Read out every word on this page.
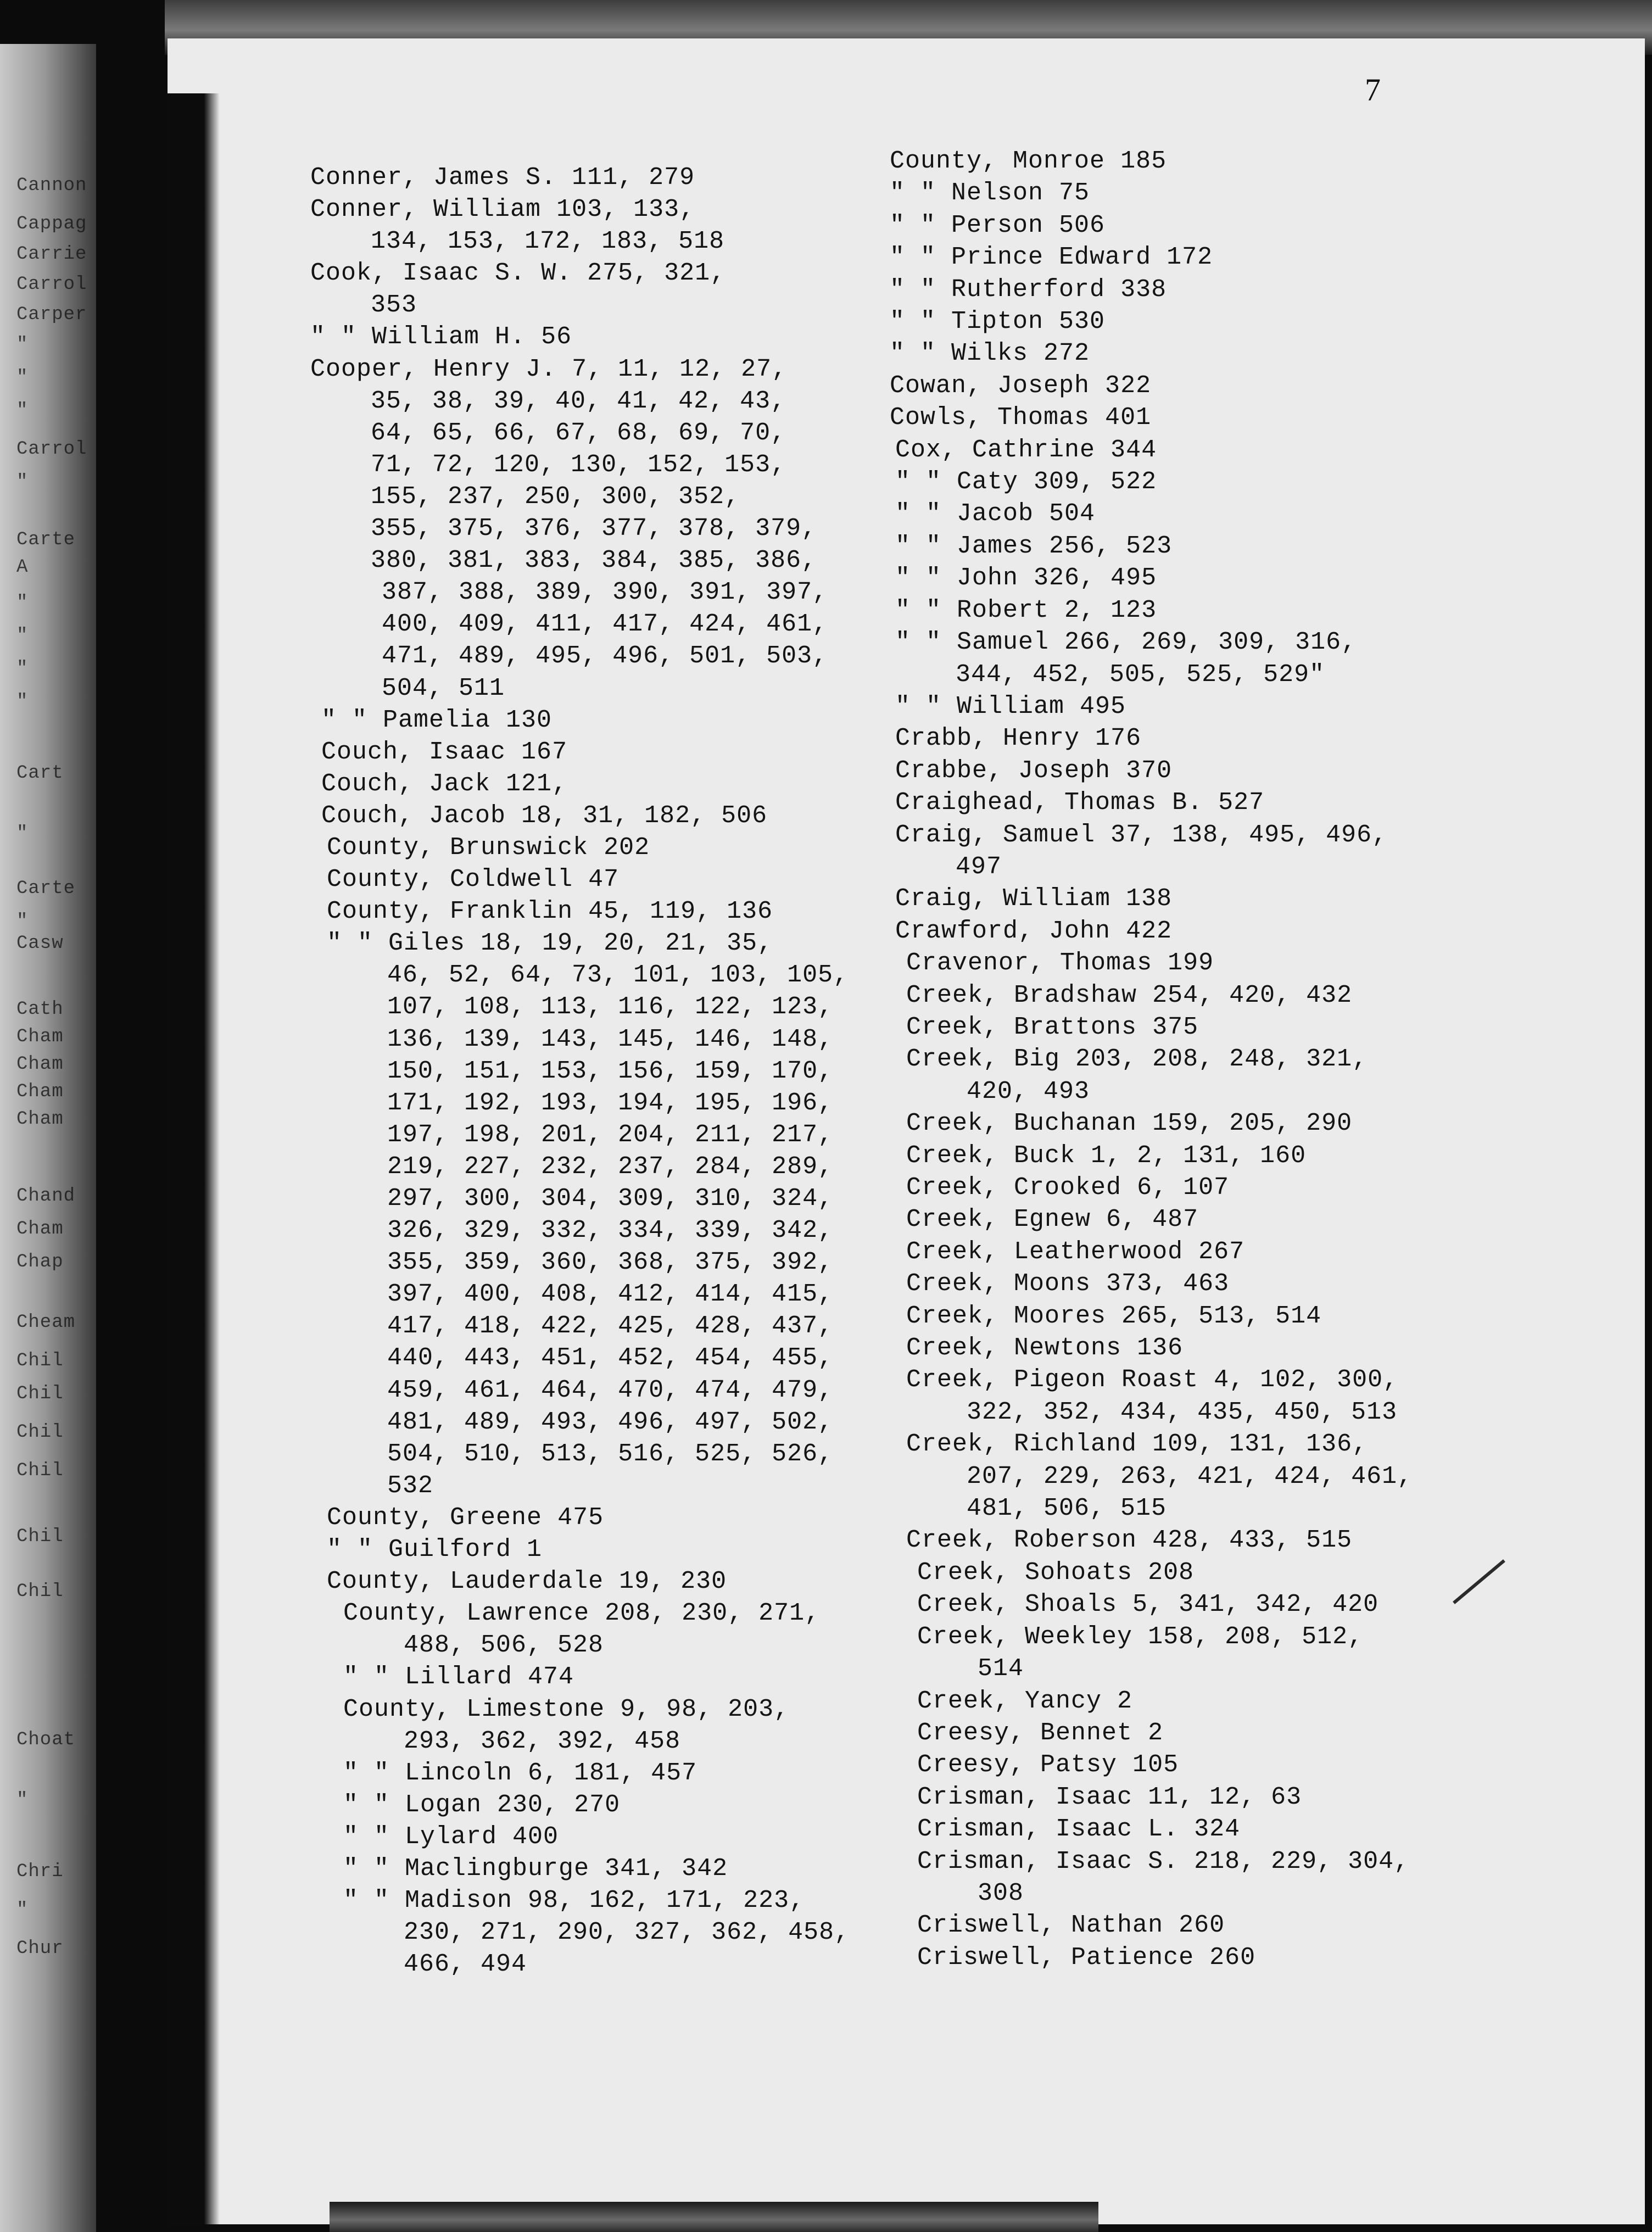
Cannon
Cappag
Carrie
Carrol
Carper
"
"
"
Carrol
"
Carte
A
"
"
"
"
Cart
"
Carte
"
Casw
Cath
Cham
Cham
Cham
Cham
Chand
Cham
Chap
Cheam
Chil
Chil
Chil
Chil
Chil
Chil
Choat
"
Chri
"
Chur
7
Conner, James S. 111, 279
Conner, William 103, 133,
134, 153, 172, 183, 518
Cook, Isaac S. W. 275, 321,
353
" " William H. 56
Cooper, Henry J. 7, 11, 12, 27,
35, 38, 39, 40, 41, 42, 43,
64, 65, 66, 67, 68, 69, 70,
71, 72, 120, 130, 152, 153,
155, 237, 250, 300, 352,
355, 375, 376, 377, 378, 379,
380, 381, 383, 384, 385, 386,
387, 388, 389, 390, 391, 397,
400, 409, 411, 417, 424, 461,
471, 489, 495, 496, 501, 503,
504, 511
" " Pamelia 130
Couch, Isaac 167
Couch, Jack 121,
Couch, Jacob 18, 31, 182, 506
County, Brunswick 202
County, Coldwell 47
County, Franklin 45, 119, 136
" " Giles 18, 19, 20, 21, 35,
46, 52, 64, 73, 101, 103, 105,
107, 108, 113, 116, 122, 123,
136, 139, 143, 145, 146, 148,
150, 151, 153, 156, 159, 170,
171, 192, 193, 194, 195, 196,
197, 198, 201, 204, 211, 217,
219, 227, 232, 237, 284, 289,
297, 300, 304, 309, 310, 324,
326, 329, 332, 334, 339, 342,
355, 359, 360, 368, 375, 392,
397, 400, 408, 412, 414, 415,
417, 418, 422, 425, 428, 437,
440, 443, 451, 452, 454, 455,
459, 461, 464, 470, 474, 479,
481, 489, 493, 496, 497, 502,
504, 510, 513, 516, 525, 526,
532
County, Greene 475
" " Guilford 1
County, Lauderdale 19, 230
County, Lawrence 208, 230, 271,
488, 506, 528
" " Lillard 474
County, Limestone 9, 98, 203,
293, 362, 392, 458
" " Lincoln 6, 181, 457
" " Logan 230, 270
" " Lylard 400
" " Maclingburge 341, 342
" " Madison 98, 162, 171, 223,
230, 271, 290, 327, 362, 458,
466, 494
County, Monroe 185
" " Nelson 75
" " Person 506
" " Prince Edward 172
" " Rutherford 338
" " Tipton 530
" " Wilks 272
Cowan, Joseph 322
Cowls, Thomas 401
Cox, Cathrine 344
" " Caty 309, 522
" " Jacob 504
" " James 256, 523
" " John 326, 495
" " Robert 2, 123
" " Samuel 266, 269, 309, 316,
344, 452, 505, 525, 529"
" " William 495
Crabb, Henry 176
Crabbe, Joseph 370
Craighead, Thomas B. 527
Craig, Samuel 37, 138, 495, 496,
497
Craig, William 138
Crawford, John 422
Cravenor, Thomas 199
Creek, Bradshaw 254, 420, 432
Creek, Brattons 375
Creek, Big 203, 208, 248, 321,
420, 493
Creek, Buchanan 159, 205, 290
Creek, Buck 1, 2, 131, 160
Creek, Crooked 6, 107
Creek, Egnew 6, 487
Creek, Leatherwood 267
Creek, Moons 373, 463
Creek, Moores 265, 513, 514
Creek, Newtons 136
Creek, Pigeon Roast 4, 102, 300,
322, 352, 434, 435, 450, 513
Creek, Richland 109, 131, 136,
207, 229, 263, 421, 424, 461,
481, 506, 515
Creek, Roberson 428, 433, 515
Creek, Sohoats 208
Creek, Shoals 5, 341, 342, 420
Creek, Weekley 158, 208, 512,
514
Creek, Yancy 2
Creesy, Bennet 2
Creesy, Patsy 105
Crisman, Isaac 11, 12, 63
Crisman, Isaac L. 324
Crisman, Isaac S. 218, 229, 304,
308
Criswell, Nathan 260
Criswell, Patience 260
